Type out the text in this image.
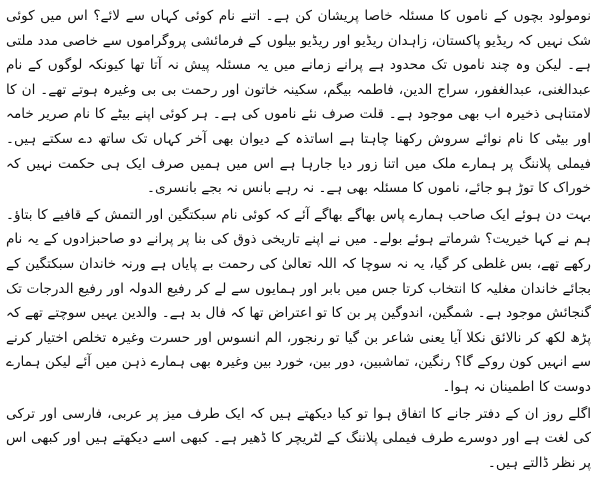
نومولود بچوں کے ناموں کا مسئلہ خاصا پریشان کن ہے۔ اتنے نام کوئی کہاں سے لائے؟ اس میں کوئی شک نہیں کہ ریڈیو پاکستان، زاہدان ریڈیو اور ریڈیو بیلوں کے فرمائشی پروگراموں سے خاصی مدد ملتی ہے۔ لیکن وہ چند ناموں تک محدود ہے پرانے زمانے میں یہ مسئلہ پیش نہ آتا تھا کیونکہ لوگوں کے نام عبدالغنی، عبدالغفور، سراج الدین، فاطمہ بیگم، سکینہ خاتون اور رحمت بی بی وغیرہ ہوتے تھے۔ ان کا لامتناہی ذخیرہ اب بھی موجود ہے۔ قلت صرف نئے ناموں کی ہے۔ ہر کوئی اپنے بیٹے کا نام صریر خامہ اور بیٹی کا نام نوائے سروش رکھنا چاہتا ہے اساتذہ کے دیوان بھی آخر کہاں تک ساتھ دے سکتے ہیں۔ فیملی پلاننگ پر ہمارے ملک میں اتنا زور دیا جارہا ہے اس میں ہمیں صرف ایک ہی حکمت نہیں کہ خوراک کا توڑ ہو جائے، ناموں کا مسئلہ بھی ہے۔ نہ رہے بانس نہ بجے بانسری۔

بہت دن ہوئے ایک صاحب ہمارے پاس بھاگے بھاگے آئے کہ کوئی نام سبکتگین اور التمش کے قافیے کا بتاؤ۔ ہم نے کہا خیریت؟ شرماتے ہوئے بولے۔ میں نے اپنے تاریخی ذوق کی بنا پر پرانے دو صاحبزادوں کے یہ نام رکھے تھے، بس غلطی کر گیا، یہ نہ سوچا کہ اللہ تعالیٰ کی رحمت بے پایاں ہے ورنہ خاندان سبکتگین کے بجائے خاندان مغلیہ کا انتخاب کرتا جس میں بابر اور ہمایوں سے لے کر رفیع الدولہ اور رفیع الدرجات تک گنجائش موجود ہے۔ شمگین، اندوگین پر بن کا تو اعتراض تھا کہ فال بد ہے۔ والدین یہیں سوچتے تھے کہ پڑھ لکھ کر نالائق نکلا آیا یعنی شاعر بن گیا تو رنجور، الم انسوس اور حسرت وغیرہ تخلص اختیار کرنے سے انہیں کون روکے گا؟ رنگین، تماشبین، دور بین، خورد بین وغیرہ بھی ہمارے ذہن میں آئے لیکن ہمارے دوست کا اطمینان نہ ہوا۔

اگلے روز ان کے دفتر جانے کا اتفاق ہوا تو کیا دیکھتے ہیں کہ ایک طرف میز پر عربی، فارسی اور ترکی کی لغت ہے اور دوسرے طرف فیملی پلاننگ کے لٹریچر کا ڈھیر ہے۔ کبھی اسے دیکھتے ہیں اور کبھی اس پر نظر ڈالتے ہیں۔
